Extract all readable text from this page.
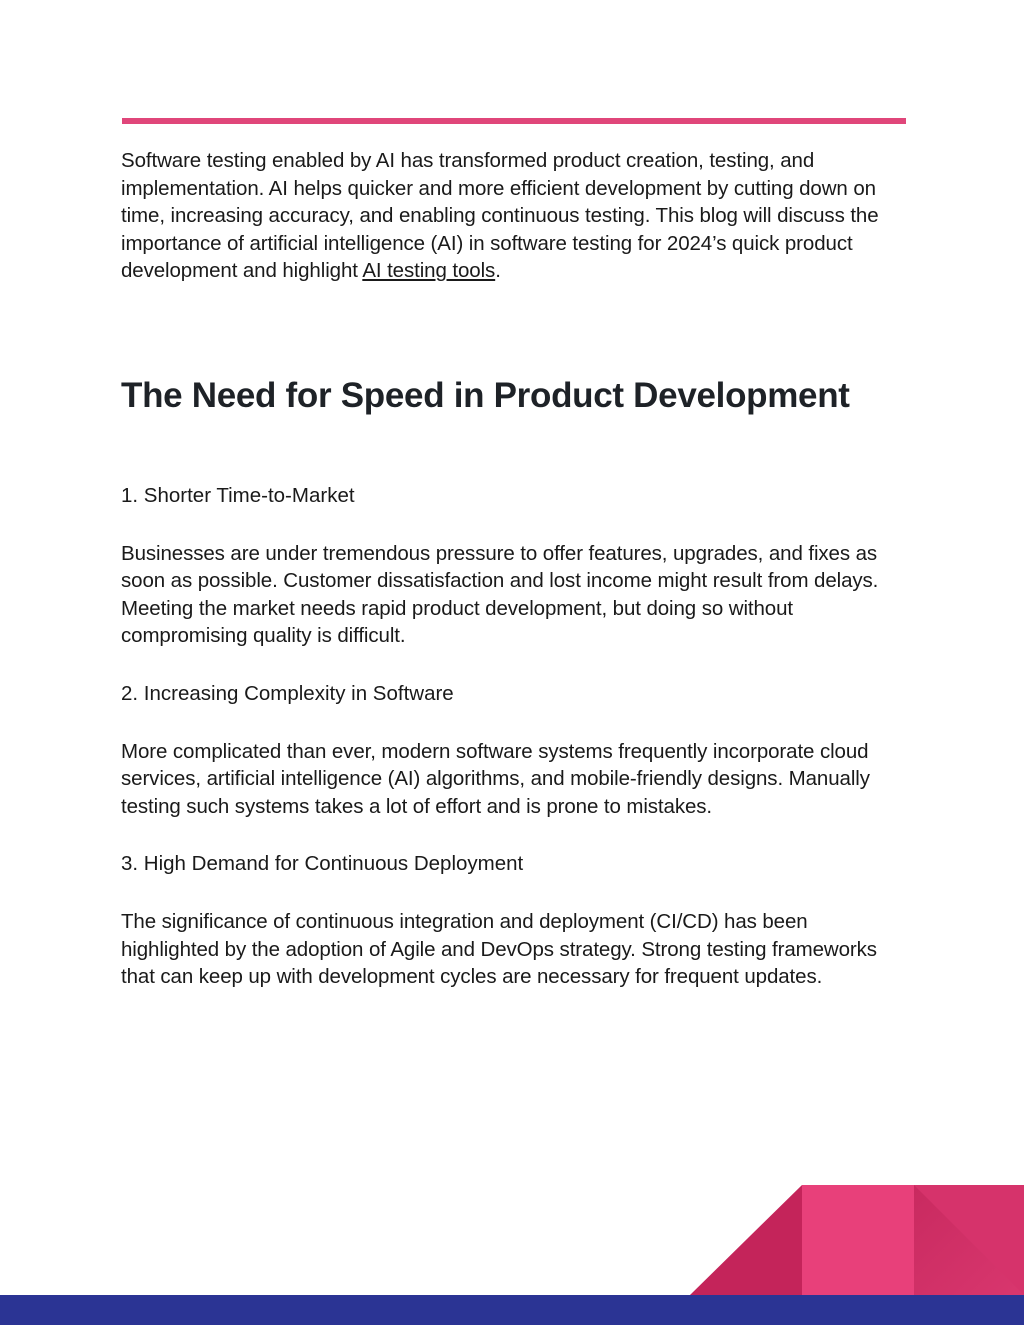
Software testing enabled by AI has transformed product creation, testing, and implementation. AI helps quicker and more efficient development by cutting down on time, increasing accuracy, and enabling continuous testing. This blog will discuss the importance of artificial intelligence (AI) in software testing for 2024’s quick product development and highlight AI testing tools.

The Need for Speed in Product Development

1. Shorter Time-to-Market

Businesses are under tremendous pressure to offer features, upgrades, and fixes as soon as possible. Customer dissatisfaction and lost income might result from delays. Meeting the market needs rapid product development, but doing so without compromising quality is difficult.

2. Increasing Complexity in Software

More complicated than ever, modern software systems frequently incorporate cloud services, artificial intelligence (AI) algorithms, and mobile-friendly designs. Manually testing such systems takes a lot of effort and is prone to mistakes.

3. High Demand for Continuous Deployment

The significance of continuous integration and deployment (CI/CD) has been highlighted by the adoption of Agile and DevOps strategy. Strong testing frameworks that can keep up with development cycles are necessary for frequent updates.
